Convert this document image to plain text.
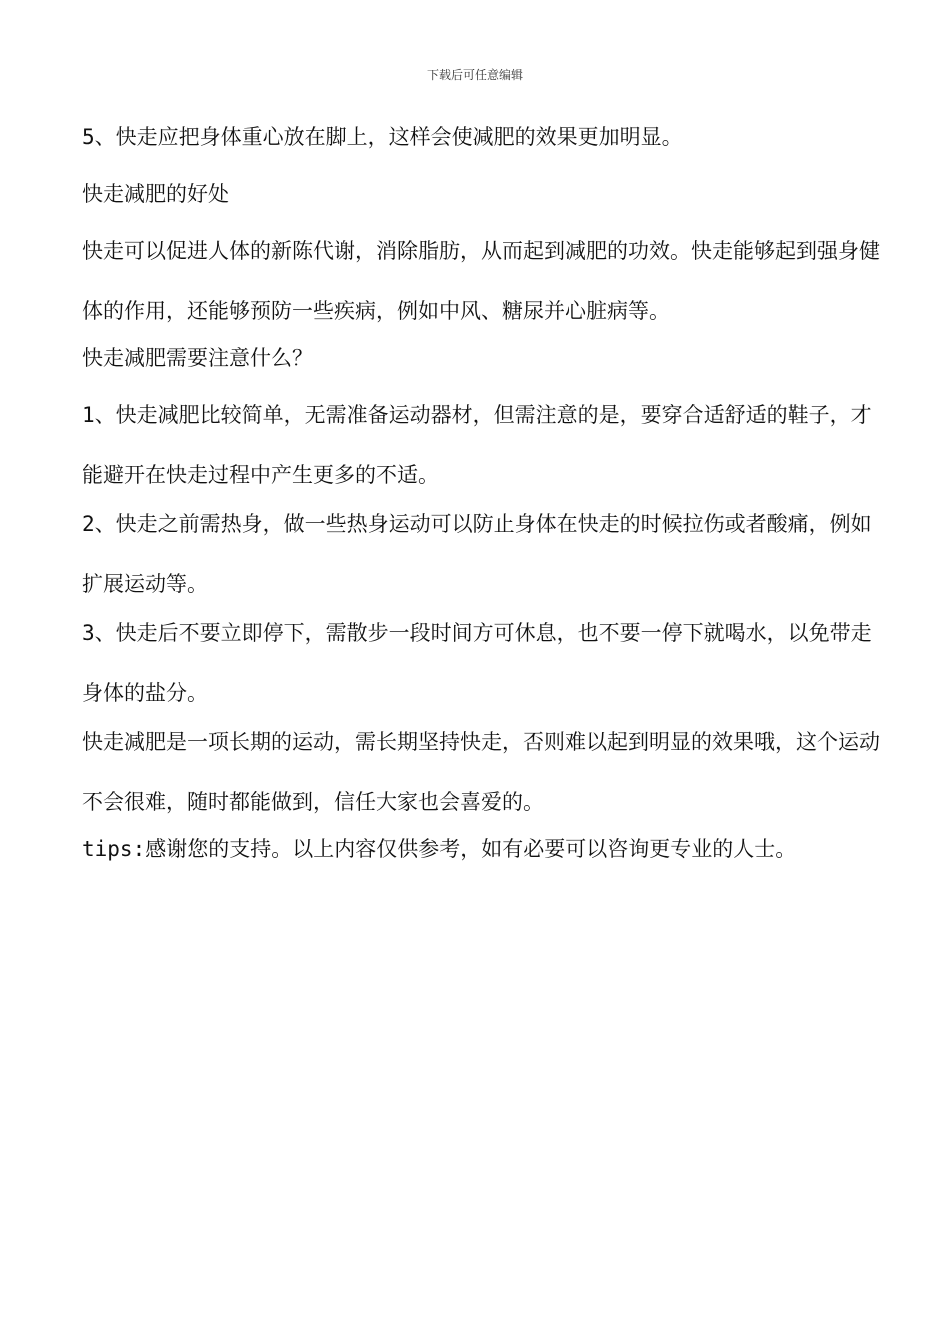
下载后可任意编辑

5、快走应把身体重心放在脚上，这样会使减肥的效果更加明显。

快走减肥的好处

快走可以促进人体的新陈代谢，消除脂肪，从而起到减肥的功效。快走能够起到强身健体的作用，还能够预防一些疾病，例如中风、糖尿并心脏病等。

快走减肥需要注意什么？

1、快走减肥比较简单，无需准备运动器材，但需注意的是，要穿合适舒适的鞋子，才能避开在快走过程中产生更多的不适。

2、快走之前需热身，做一些热身运动可以防止身体在快走的时候拉伤或者酸痛，例如扩展运动等。

3、快走后不要立即停下，需散步一段时间方可休息，也不要一停下就喝水，以免带走身体的盐分。

快走减肥是一项长期的运动，需长期坚持快走，否则难以起到明显的效果哦，这个运动不会很难，随时都能做到，信任大家也会喜爱的。

tips:感谢您的支持。以上内容仅供参考，如有必要可以咨询更专业的人士。
